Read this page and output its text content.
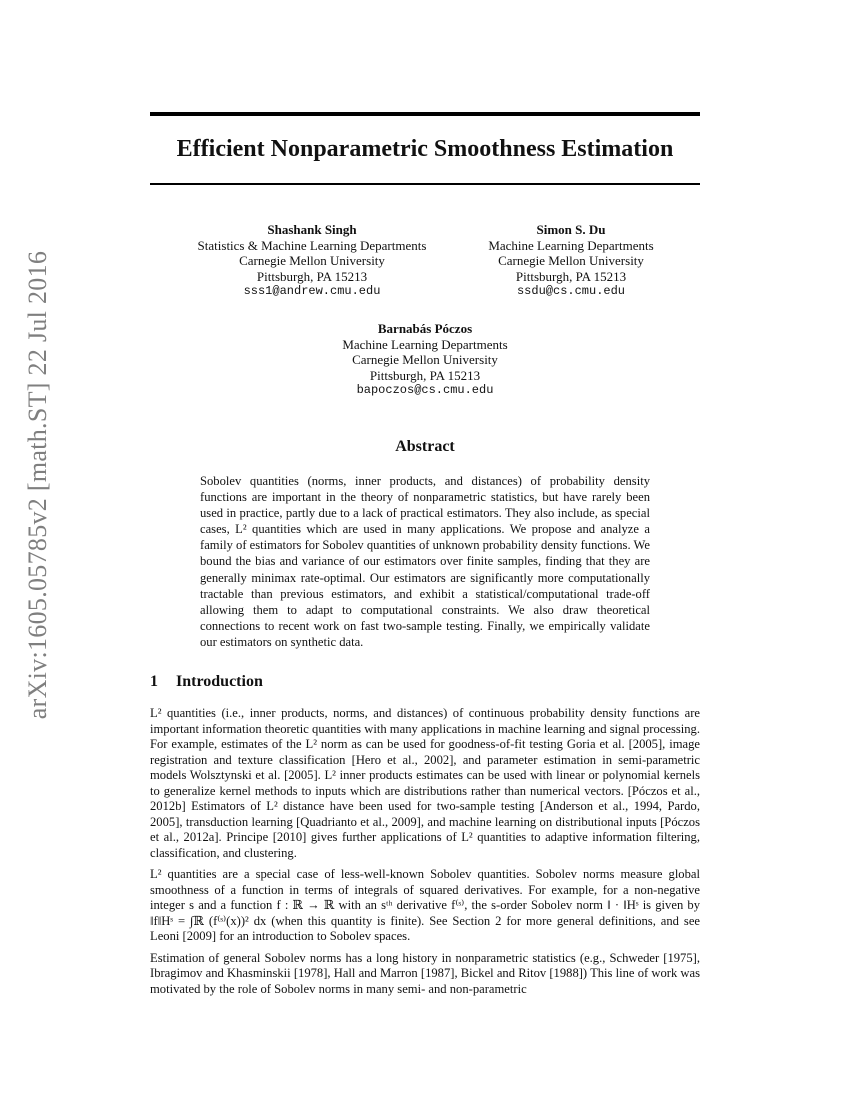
arXiv:1605.05785v2 [math.ST] 22 Jul 2016
Efficient Nonparametric Smoothness Estimation
Shashank Singh
Statistics & Machine Learning Departments
Carnegie Mellon University
Pittsburgh, PA 15213
sss1@andrew.cmu.edu
Simon S. Du
Machine Learning Departments
Carnegie Mellon University
Pittsburgh, PA 15213
ssdu@cs.cmu.edu
Barnabás Póczos
Machine Learning Departments
Carnegie Mellon University
Pittsburgh, PA 15213
bapoczos@cs.cmu.edu
Abstract

Sobolev quantities (norms, inner products, and distances) of probability density functions are important in the theory of nonparametric statistics, but have rarely been used in practice, partly due to a lack of practical estimators. They also include, as special cases, L² quantities which are used in many applications. We propose and analyze a family of estimators for Sobolev quantities of unknown probability density functions. We bound the bias and variance of our estimators over finite samples, finding that they are generally minimax rate-optimal. Our estimators are significantly more computationally tractable than previous estimators, and exhibit a statistical/computational trade-off allowing them to adapt to computational constraints. We also draw theoretical connections to recent work on fast two-sample testing. Finally, we empirically validate our estimators on synthetic data.

1 Introduction

L² quantities (i.e., inner products, norms, and distances) of continuous probability density functions are important information theoretic quantities with many applications in machine learning and signal processing. For example, estimates of the L² norm as can be used for goodness-of-fit testing Goria et al. [2005], image registration and texture classification [Hero et al., 2002], and parameter estimation in semi-parametric models Wolsztynski et al. [2005]. L² inner products estimates can be used with linear or polynomial kernels to generalize kernel methods to inputs which are distributions rather than numerical vectors. [Póczos et al., 2012b] Estimators of L² distance have been used for two-sample testing [Anderson et al., 1994, Pardo, 2005], transduction learning [Quadrianto et al., 2009], and machine learning on distributional inputs [Póczos et al., 2012a]. Principe [2010] gives further applications of L² quantities to adaptive information filtering, classification, and clustering.

L² quantities are a special case of less-well-known Sobolev quantities. Sobolev norms measure global smoothness of a function in terms of integrals of squared derivatives. For example, for a non-negative integer s and a function f : ℝ → ℝ with an sᵗʰ derivative f⁽ˢ⁾, the s-order Sobolev norm ‖ · ‖Hˢ is given by ‖f‖Hˢ = ∫ℝ (f⁽ˢ⁾(x))² dx (when this quantity is finite). See Section 2 for more general definitions, and see Leoni [2009] for an introduction to Sobolev spaces.

Estimation of general Sobolev norms has a long history in nonparametric statistics (e.g., Schweder [1975], Ibragimov and Khasminskii [1978], Hall and Marron [1987], Bickel and Ritov [1988]) This line of work was motivated by the role of Sobolev norms in many semi- and non-parametric
